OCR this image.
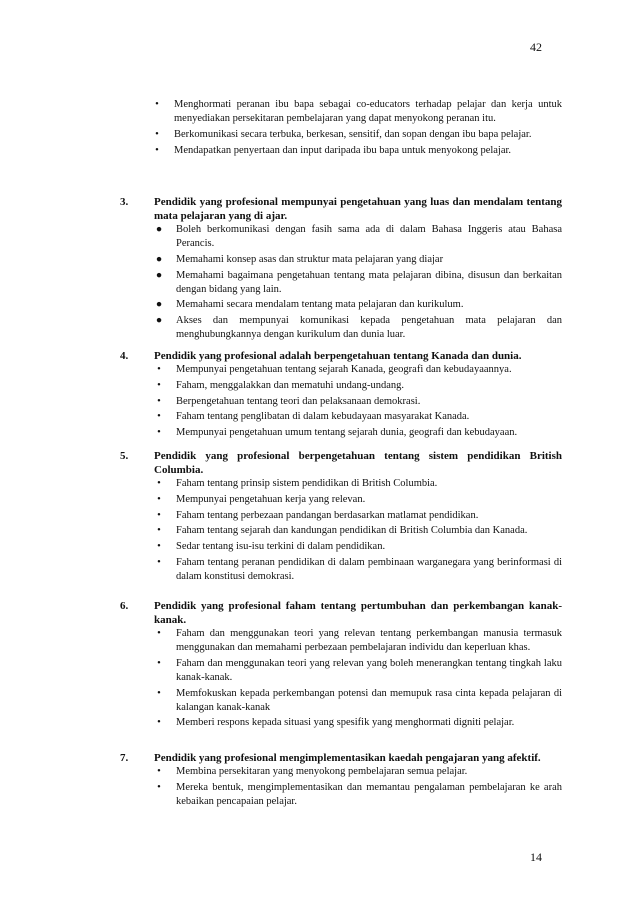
42
•	Menghormati peranan ibu bapa sebagai co-educators terhadap pelajar dan kerja untuk menyediakan persekitaran pembelajaran yang dapat menyokong peranan itu.
•	Berkomunikasi secara terbuka, berkesan, sensitif, dan sopan dengan ibu bapa pelajar.
•	Mendapatkan penyertaan dan input daripada ibu bapa untuk menyokong pelajar.
3. Pendidik yang profesional mempunyai pengetahuan yang luas dan mendalam tentang mata pelajaran yang di ajar.
● Boleh berkomunikasi dengan fasih sama ada di dalam Bahasa Inggeris atau Bahasa Perancis.
● Memahami konsep asas dan struktur mata pelajaran yang diajar
● Memahami bagaimana pengetahuan tentang mata pelajaran dibina, disusun dan berkaitan dengan bidang yang lain.
● Memahami secara mendalam tentang mata pelajaran dan kurikulum.
● Akses dan mempunyai komunikasi kepada pengetahuan mata pelajaran dan menghubungkannya dengan kurikulum dan dunia luar.
4. Pendidik yang profesional adalah berpengetahuan tentang Kanada dan dunia.
•	Mempunyai pengetahuan tentang sejarah Kanada, geografi dan kebudayaannya.
•	Faham, menggalakkan dan mematuhi undang-undang.
•	Berpengetahuan tentang teori dan pelaksanaan demokrasi.
•	Faham tentang penglibatan di dalam kebudayaan masyarakat Kanada.
•	Mempunyai pengetahuan umum tentang sejarah dunia, geografi dan kebudayaan.
5. Pendidik yang profesional berpengetahuan tentang sistem pendidikan British Columbia.
•	Faham tentang prinsip sistem pendidikan di British Columbia.
•	Mempunyai pengetahuan kerja yang relevan.
•	Faham tentang perbezaan pandangan berdasarkan matlamat pendidikan.
•	Faham tentang sejarah dan kandungan pendidikan di British Columbia dan Kanada.
•	Sedar tentang isu-isu terkini di dalam pendidikan.
•	Faham tentang peranan pendidikan di dalam pembinaan warganegara yang berinformasi di dalam konstitusi demokrasi.
6. Pendidik yang profesional faham tentang pertumbuhan dan perkembangan kanak-kanak.
•	Faham dan menggunakan teori yang relevan tentang perkembangan manusia termasuk menggunakan dan memahami perbezaan pembelajaran individu dan keperluan khas.
•	Faham dan menggunakan teori yang relevan yang boleh menerangkan tentang tingkah laku kanak-kanak.
•	Memfokuskan kepada perkembangan potensi dan memupuk rasa cinta kepada pelajaran di kalangan kanak-kanak
•	Memberi respons kepada situasi yang spesifik yang menghormati digniti pelajar.
7. Pendidik yang profesional mengimplementasikan kaedah pengajaran yang afektif.
•	Membina persekitaran yang menyokong pembelajaran semua pelajar.
•	Mereka bentuk, mengimplementasikan dan memantau pengalaman pembelajaran ke arah kebaikan pencapaian pelajar.
14
